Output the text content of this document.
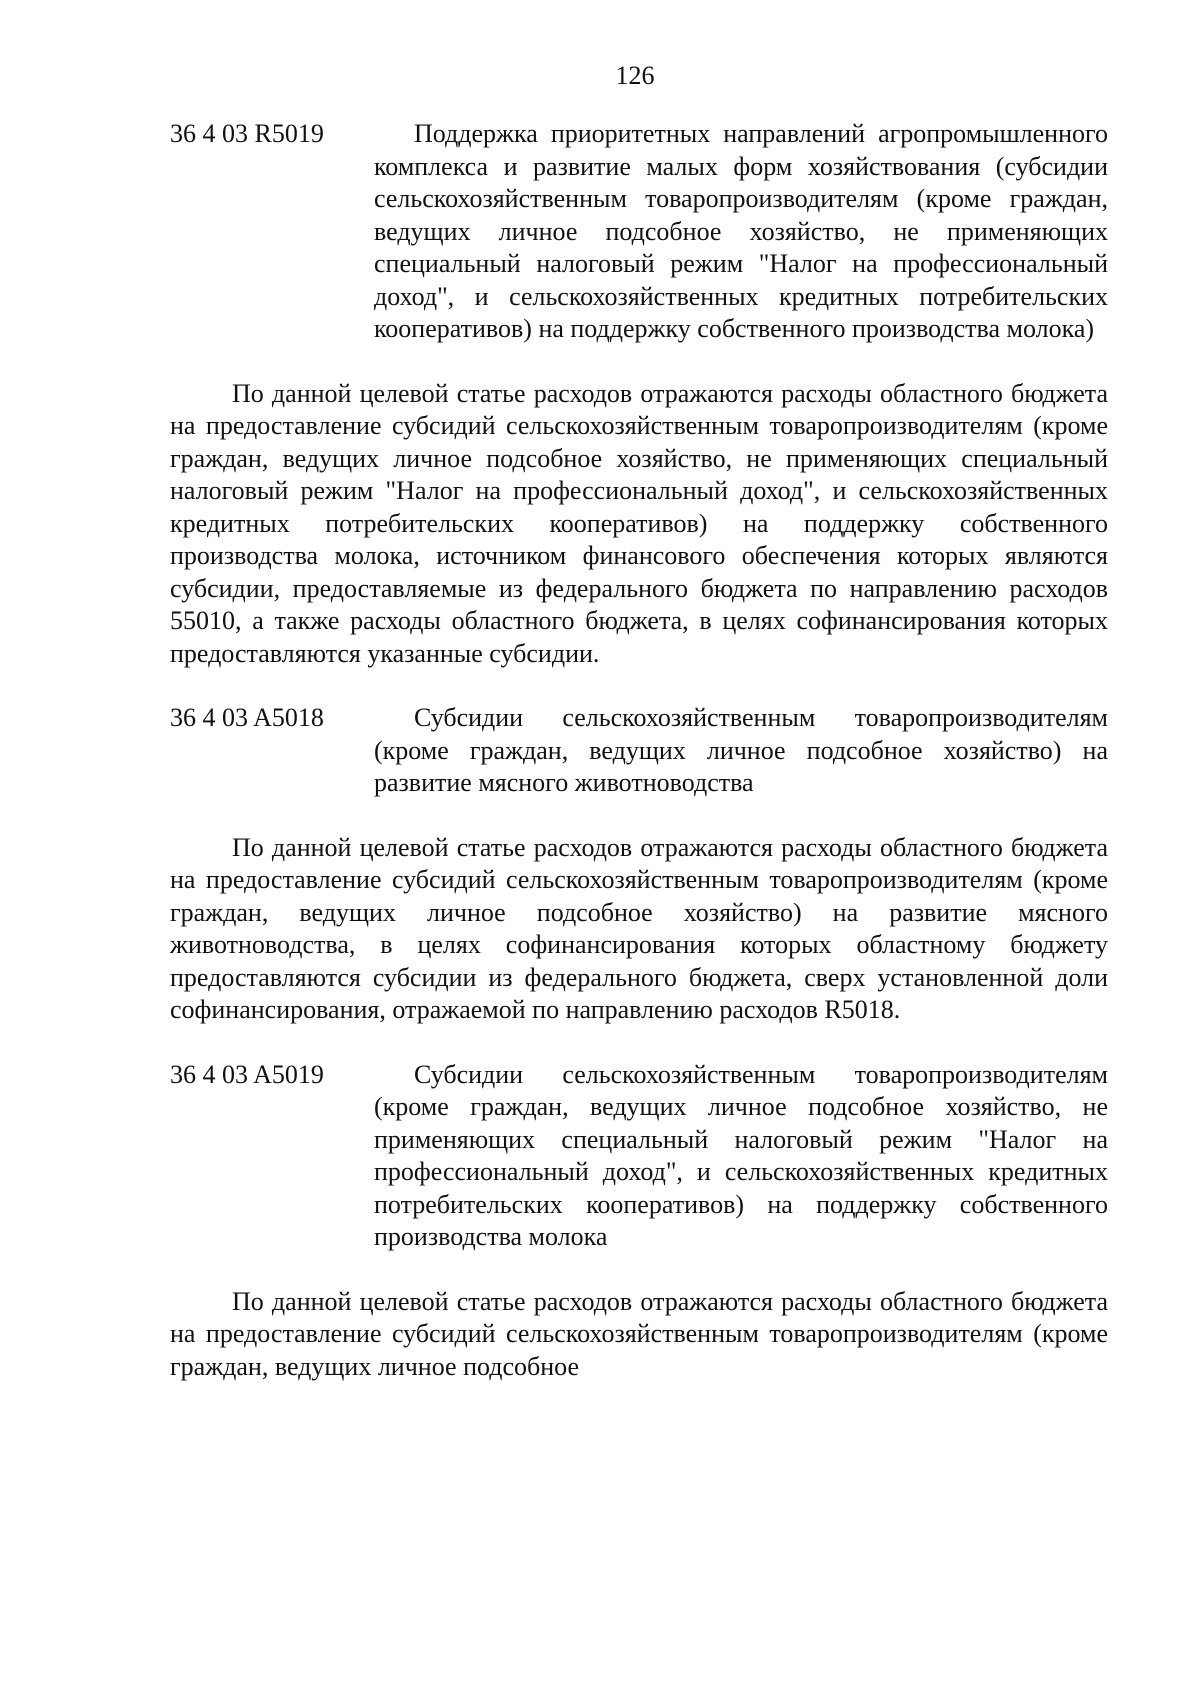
126
36 4 03 R5019	Поддержка приоритетных направлений агропромышленного комплекса и развитие малых форм хозяйствования (субсидии сельскохозяйственным товаропроизводителям (кроме граждан, ведущих личное подсобное хозяйство, не применяющих специальный налоговый режим "Налог на профессиональный доход", и сельскохозяйственных кредитных потребительских кооперативов) на поддержку собственного производства молока)

По данной целевой статье расходов отражаются расходы областного бюджета на предоставление субсидий сельскохозяйственным товаропроизводителям (кроме граждан, ведущих личное подсобное хозяйство, не применяющих специальный налоговый режим "Налог на профессиональный доход", и сельскохозяйственных кредитных потребительских кооперативов) на поддержку собственного производства молока, источником финансового обеспечения которых являются субсидии, предоставляемые из федерального бюджета по направлению расходов 55010, а также расходы областного бюджета, в целях софинансирования которых предоставляются указанные субсидии.

36 4 03 A5018	Субсидии сельскохозяйственным товаропроизводителям (кроме граждан, ведущих личное подсобное хозяйство) на развитие мясного животноводства

По данной целевой статье расходов отражаются расходы областного бюджета на предоставление субсидий сельскохозяйственным товаропроизводителям (кроме граждан, ведущих личное подсобное хозяйство) на развитие мясного животноводства, в целях софинансирования которых областному бюджету предоставляются субсидии из федерального бюджета, сверх установленной доли софинансирования, отражаемой по направлению расходов R5018.

36 4 03 A5019	Субсидии сельскохозяйственным товаропроизводителям (кроме граждан, ведущих личное подсобное хозяйство, не применяющих специальный налоговый режим "Налог на профессиональный доход", и сельскохозяйственных кредитных потребительских кооперативов) на поддержку собственного производства молока

По данной целевой статье расходов отражаются расходы областного бюджета на предоставление субсидий сельскохозяйственным товаропроизводителям (кроме граждан, ведущих личное подсобное
